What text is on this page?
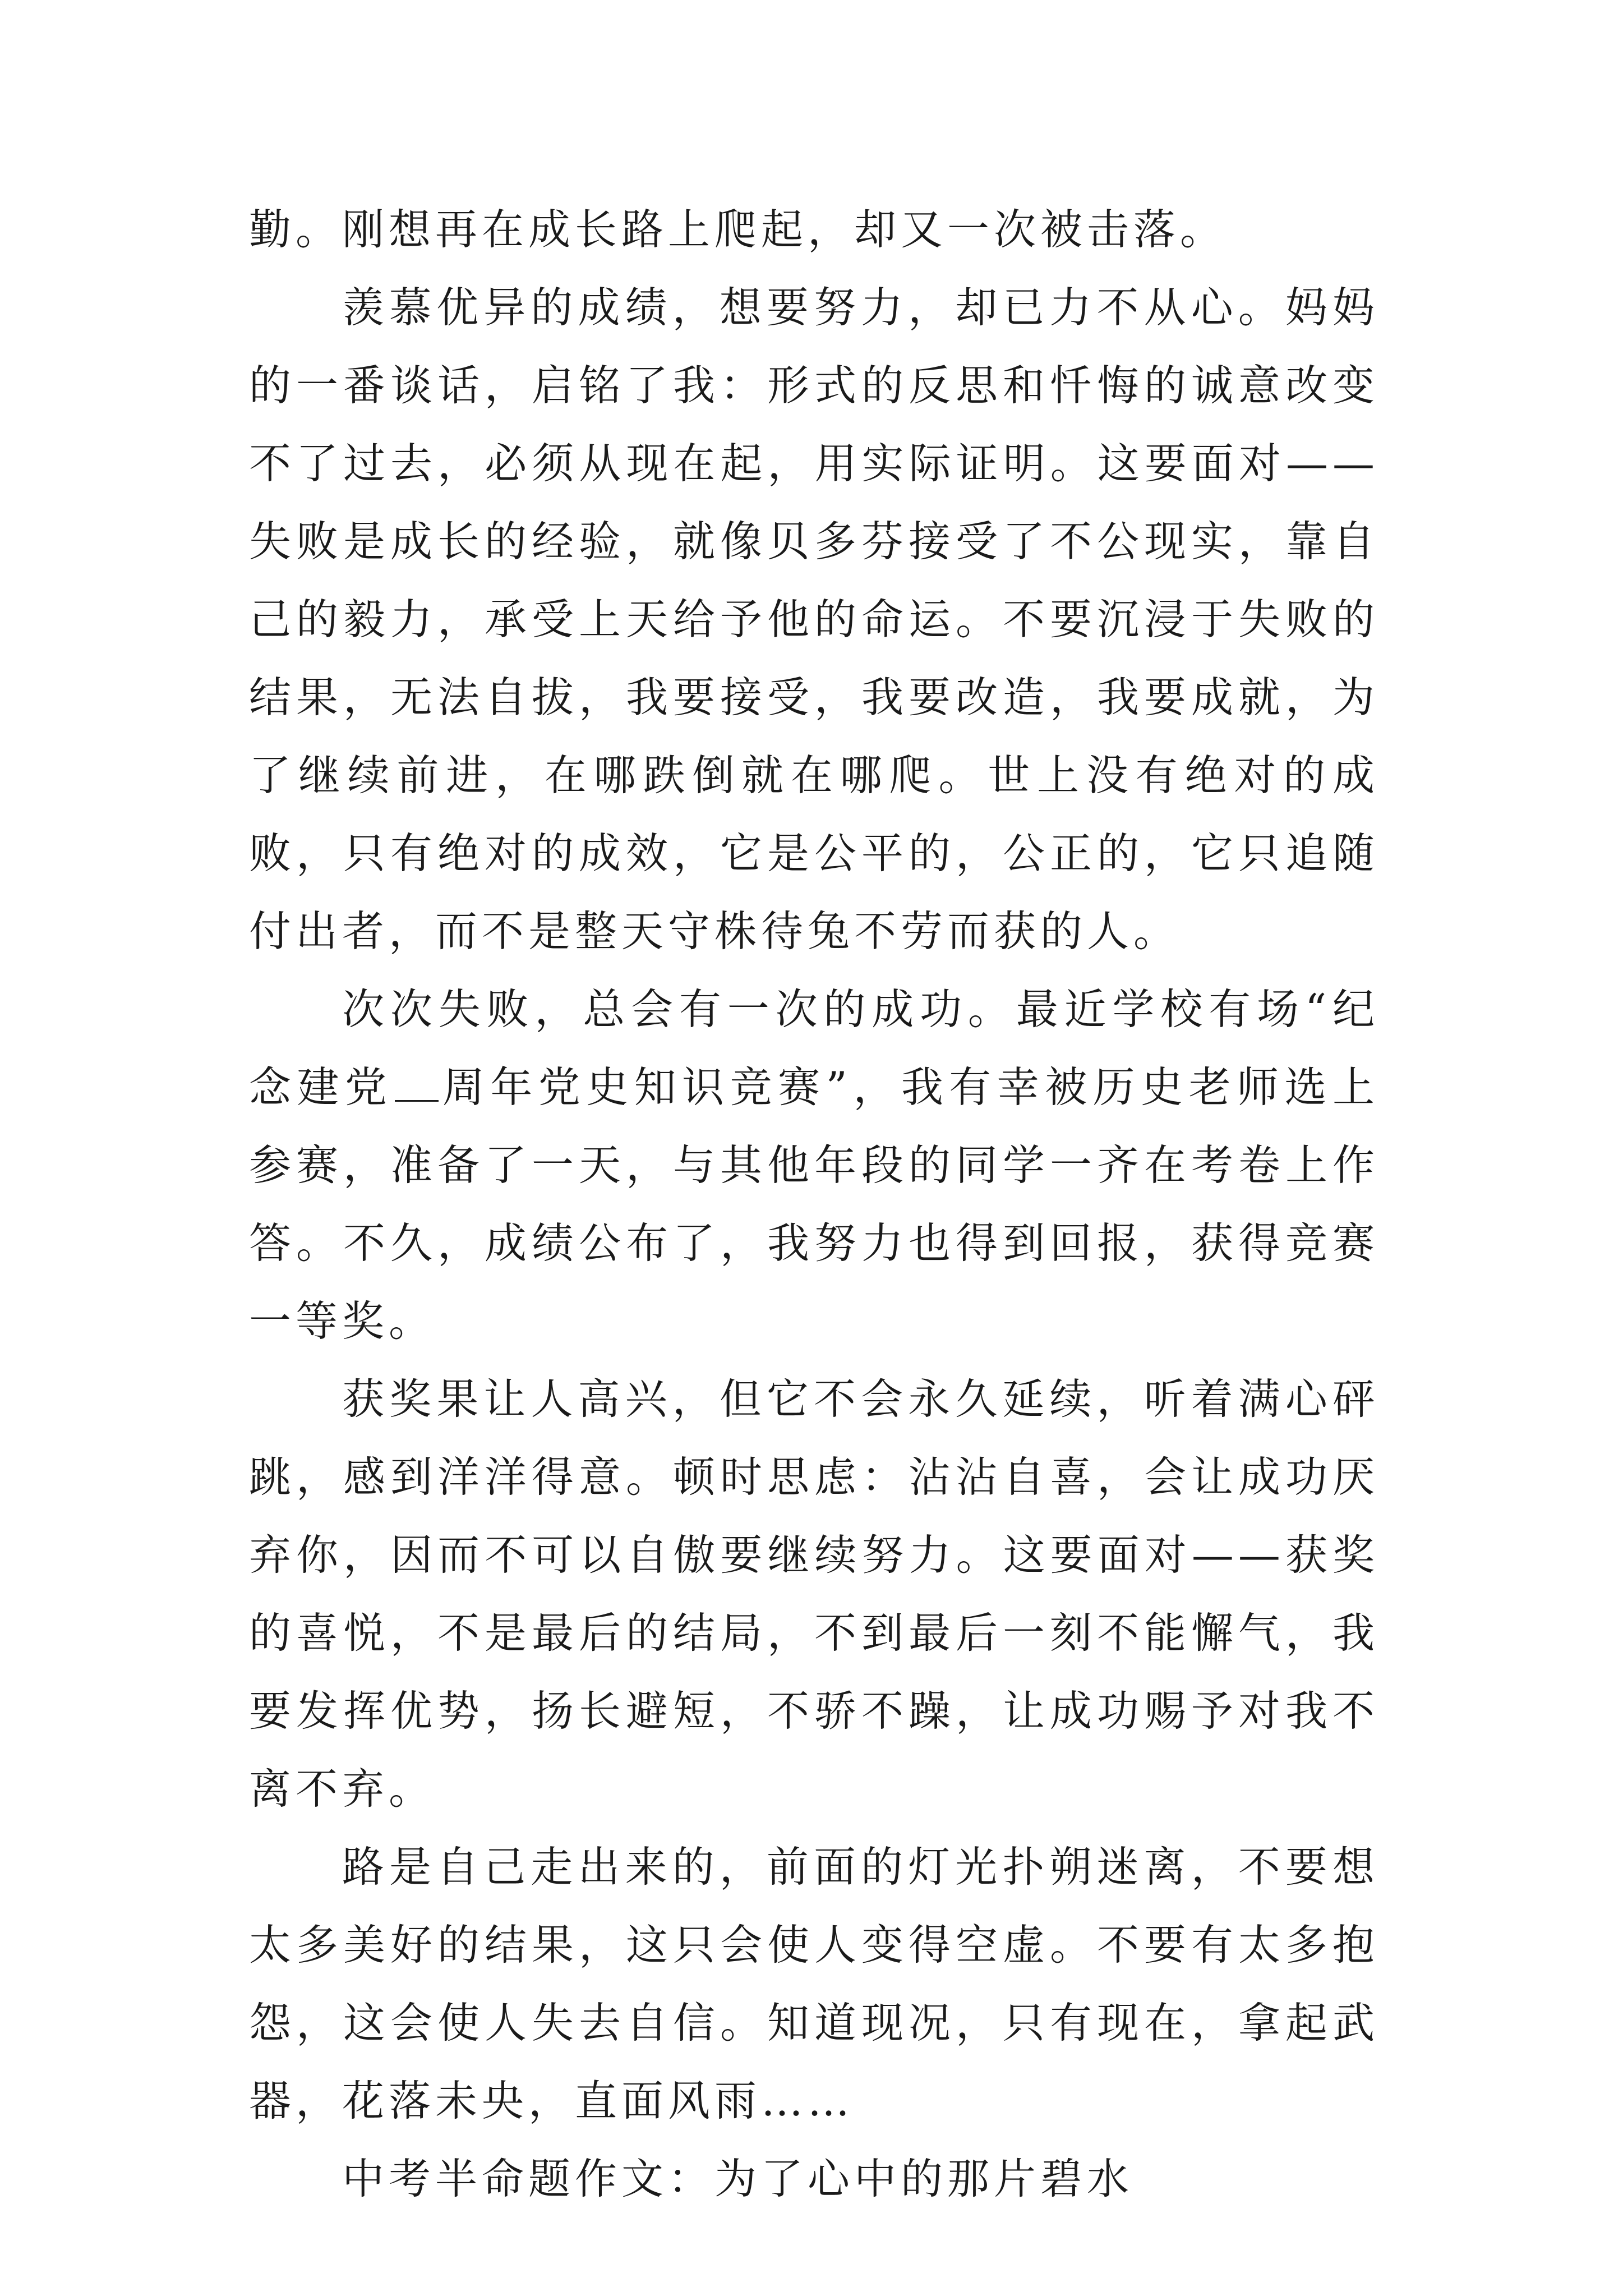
勤。刚想再在成长路上爬起，却又一次被击落。

羡慕优异的成绩，想要努力，却已力不从心。妈妈的一番谈话，启铭了我：形式的反思和忏悔的诚意改变不了过去，必须从现在起，用实际证明。这要面对——失败是成长的经验，就像贝多芬接受了不公现实，靠自己的毅力，承受上天给予他的命运。不要沉浸于失败的结果，无法自拔，我要接受，我要改造，我要成就，为了继续前进，在哪跌倒就在哪爬。世上没有绝对的成败，只有绝对的成效，它是公平的，公正的，它只追随付出者，而不是整天守株待兔不劳而获的人。

次次失败，总会有一次的成功。最近学校有场“纪念建党 周年党史知识竞赛”，我有幸被历史老师选上参赛，准备了一天，与其他年段的同学一齐在考卷上作答。不久，成绩公布了，我努力也得到回报，获得竞赛一等奖。

获奖果让人高兴，但它不会永久延续，听着满心砰跳，感到洋洋得意。顿时思虑：沾沾自喜，会让成功厌弃你，因而不可以自傲要继续努力。这要面对——获奖的喜悦，不是最后的结局，不到最后一刻不能懈气，我要发挥优势，扬长避短，不骄不躁，让成功赐予对我不离不弃。

路是自己走出来的，前面的灯光扑朔迷离，不要想太多美好的结果，这只会使人变得空虚。不要有太多抱怨，这会使人失去自信。知道现况，只有现在，拿起武器，花落未央，直面风雨……

中考半命题作文：为了心中的那片碧水
